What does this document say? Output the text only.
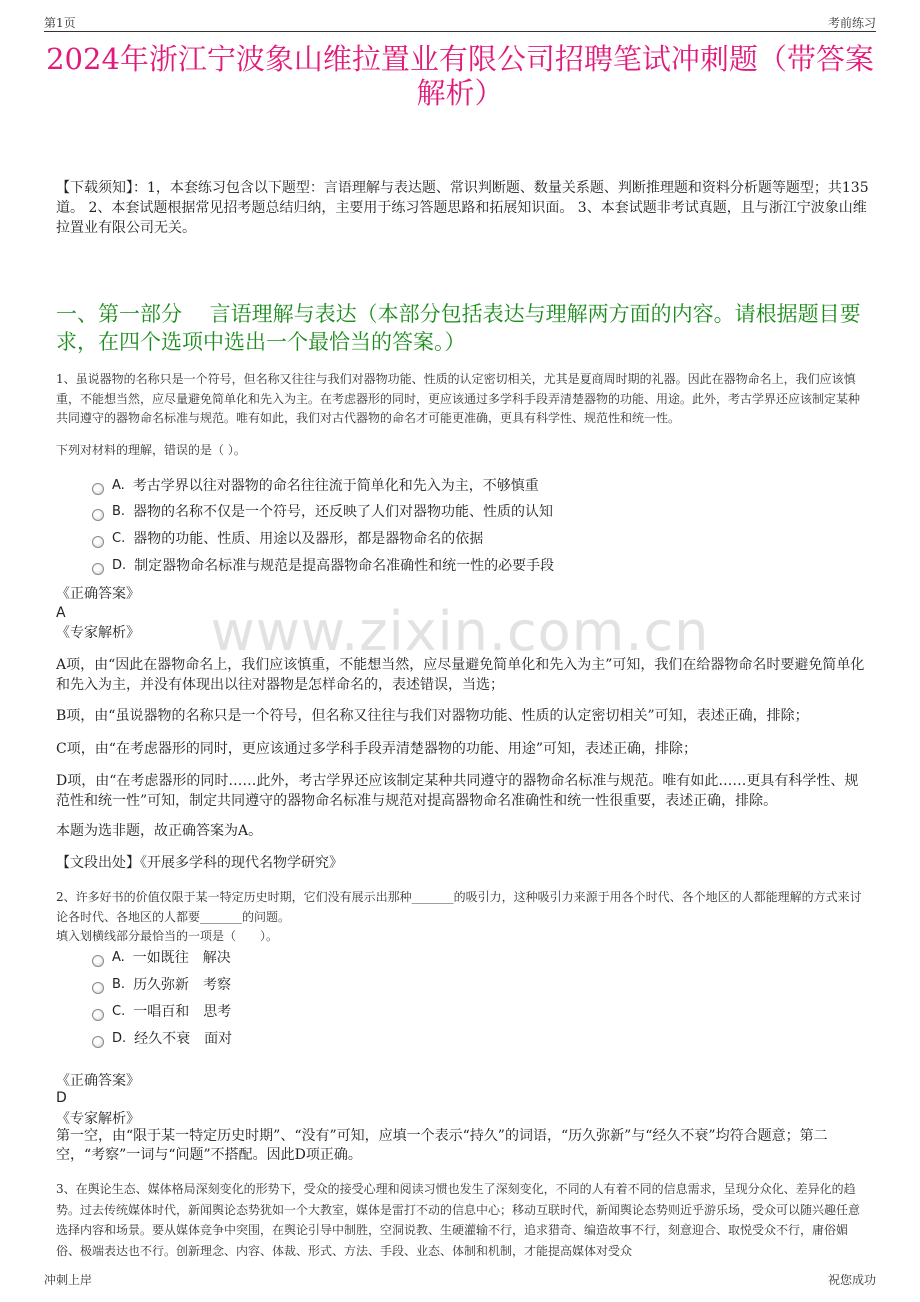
第1页	考前练习
2024年浙江宁波象山维拉置业有限公司招聘笔试冲刺题（带答案解析）
【下载须知】：1，本套练习包含以下题型：言语理解与表达题、常识判断题、数量关系题、判断推理题和资料分析题等题型；共135道。 2、本套试题根据常见招考题总结归纳，主要用于练习答题思路和拓展知识面。 3、本套试题非考试真题，且与浙江宁波象山维拉置业有限公司无关。
一、第一部分　 言语理解与表达（本部分包括表达与理解两方面的内容。请根据题目要求，在四个选项中选出一个最恰当的答案。）
www.zixin.com.cn
1、虽说器物的名称只是一个符号，但名称又往往与我们对器物功能、性质的认定密切相关，尤其是夏商周时期的礼器。因此在器物命名上，我们应该慎重，不能想当然，应尽量避免简单化和先入为主。在考虑器形的同时，更应该通过多学科手段弄清楚器物的功能、用途。此外，考古学界还应该制定某种共同遵守的器物命名标准与规范。唯有如此，我们对古代器物的命名才可能更准确，更具有科学性、规范性和统一性。
下列对材料的理解，错误的是（ ）。
A. 考古学界以往对器物的命名往往流于简单化和先入为主，不够慎重
B. 器物的名称不仅是一个符号，还反映了人们对器物功能、性质的认知
C. 器物的功能、性质、用途以及器形，都是器物命名的依据
D. 制定器物命名标准与规范是提高器物命名准确性和统一性的必要手段
《正确答案》
A
《专家解析》
A项，由“因此在器物命名上，我们应该慎重，不能想当然，应尽量避免简单化和先入为主”可知，我们在给器物命名时要避免简单化和先入为主，并没有体现出以往对器物是怎样命名的，表述错误，当选；
B项，由“虽说器物的名称只是一个符号，但名称又往往与我们对器物功能、性质的认定密切相关”可知，表述正确，排除；
C项，由“在考虑器形的同时，更应该通过多学科手段弄清楚器物的功能、用途”可知，表述正确，排除；
D项，由“在考虑器形的同时……此外，考古学界还应该制定某种共同遵守的器物命名标准与规范。唯有如此……更具有科学性、规范性和统一性”可知，制定共同遵守的器物命名标准与规范对提高器物命名准确性和统一性很重要，表述正确，排除。
本题为选非题，故正确答案为A。
【文段出处】《开展多学科的现代名物学研究》
2、许多好书的价值仅限于某一特定历史时期，它们没有展示出那种_______的吸引力，这种吸引力来源于用各个时代、各个地区的人都能理解的方式来讨论各时代、各地区的人都要_______的问题。
填入划横线部分最恰当的一项是（　　）。
A. 一如既往　解决
B. 历久弥新　考察
C. 一唱百和　思考
D. 经久不衰　面对
《正确答案》
D
《专家解析》
第一空，由“限于某一特定历史时期”、“没有”可知，应填一个表示“持久”的词语，“历久弥新”与“经久不衰”均符合题意；第二空，“考察”一词与“问题”不搭配。因此D项正确。
3、在舆论生态、媒体格局深刻变化的形势下，受众的接受心理和阅读习惯也发生了深刻变化，不同的人有着不同的信息需求，呈现分众化、差异化的趋势。过去传统媒体时代，新闻舆论态势犹如一个大教室，媒体是雷打不动的信息中心；移动互联时代，新闻舆论态势则近乎游乐场，受众可以随兴趣任意选择内容和场景。要从媒体竞争中突围，在舆论引导中制胜，空洞说教、生硬灌输不行，追求猎奇、编造故事不行，刻意迎合、取悦受众不行，庸俗媚俗、极端表达也不行。创新理念、内容、体裁、形式、方法、手段、业态、体制和机制，才能提高媒体对受众
冲刺上岸	祝您成功
